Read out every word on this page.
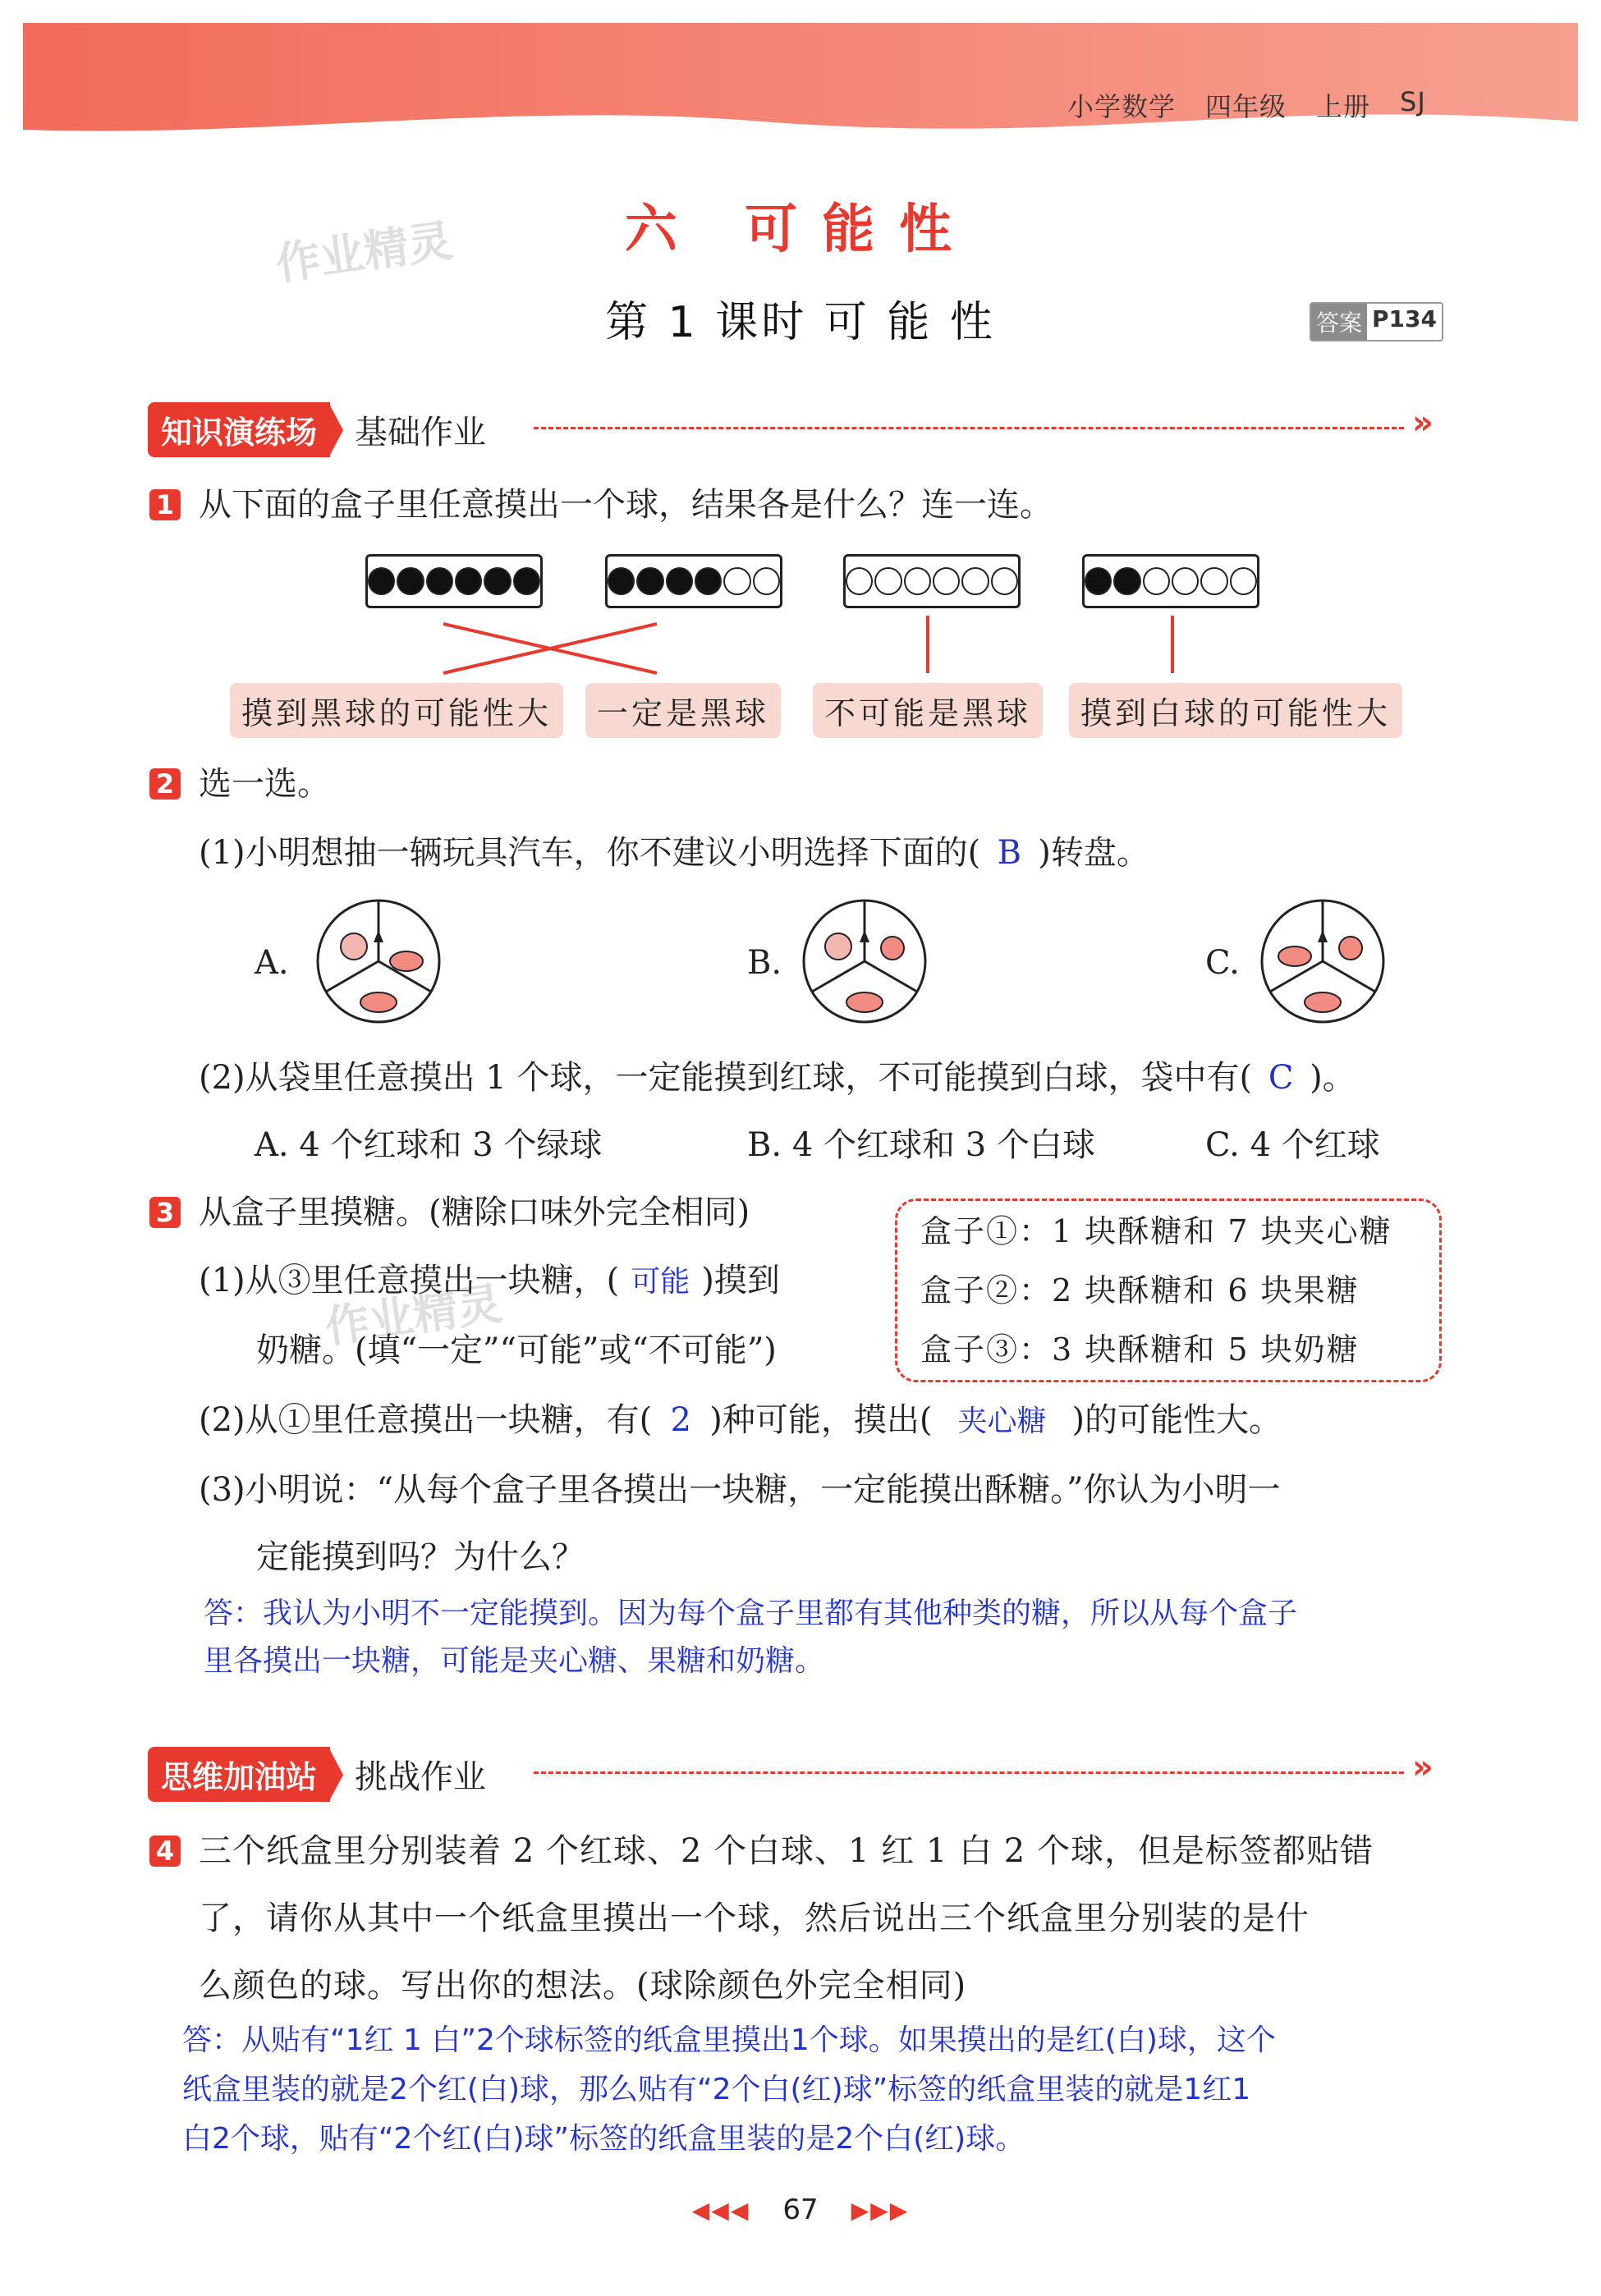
小学数学 四年级 上册 SJ
作业精灵
作业精灵
六 可能性
第 1 课时 可 能 性	答案 P134
知识演练场	基础作业	»
1 从下面的盒子里任意摸出一个球，结果各是什么？连一连。
摸到黑球的可能性大	一定是黑球	不可能是黑球	摸到白球的可能性大
2 选一选。
(1)小明想抽一辆玩具汽车，你不建议小明选择下面的( B )转盘。
A.	B.	C.
(2)从袋里任意摸出 1 个球，一定能摸到红球，不可能摸到白球，袋中有( C )。
A. 4 个红球和 3 个绿球	B. 4 个红球和 3 个白球	C. 4 个红球
3 从盒子里摸糖。(糖除口味外完全相同)	盒子①：1 块酥糖和 7 块夹心糖
盒子②：2 块酥糖和 6 块果糖
盒子③：3 块酥糖和 5 块奶糖
(1)从③里任意摸出一块糖，( 可能 )摸到
奶糖。(填“一定”“可能”或“不可能”)
(2)从①里任意摸出一块糖，有( 2 )种可能，摸出( 夹心糖 )的可能性大。
(3)小明说：“从每个盒子里各摸出一块糖，一定能摸出酥糖。”你认为小明一
定能摸到吗？为什么？
答：我认为小明不一定能摸到。因为每个盒子里都有其他种类的糖，所以从每个盒子
里各摸出一块糖，可能是夹心糖、果糖和奶糖。
思维加油站	挑战作业	»
4 三个纸盒里分别装着 2 个红球、2 个白球、1 红 1 白 2 个球，但是标签都贴错
了，请你从其中一个纸盒里摸出一个球，然后说出三个纸盒里分别装的是什
么颜色的球。写出你的想法。(球除颜色外完全相同)
答：从贴有“1红 1 白”2个球标签的纸盒里摸出1个球。如果摸出的是红(白)球，这个
纸盒里装的就是2个红(白)球，那么贴有“2个白(红)球”标签的纸盒里装的就是1红1
白2个球，贴有“2个红(白)球”标签的纸盒里装的是2个白(红)球。
◀◀◀ 67 ▶▶▶
